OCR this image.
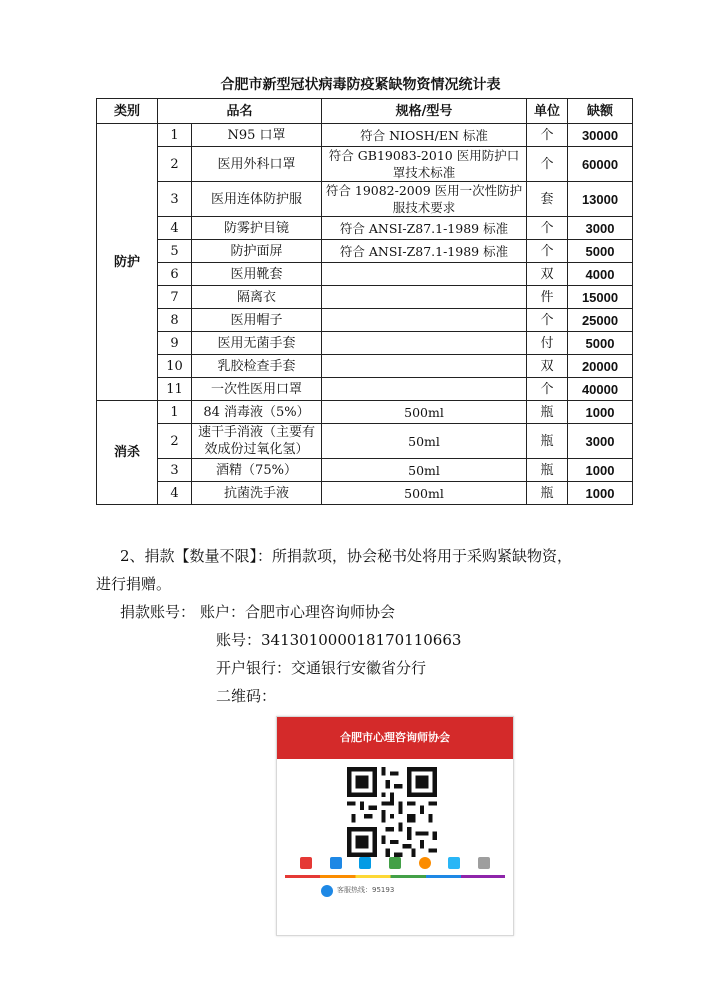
合肥市新型冠状病毒防疫紧缺物资情况统计表
类别	品名		规格/型号	单位	缺额
防护	1	N95 口罩	符合 NIOSH/EN 标准	个	30000
	2	医用外科口罩	符合 GB19083-2010 医用防护口罩技术标准	个	60000
	3	医用连体防护服	符合 19082-2009 医用一次性防护服技术要求	套	13000
	4	防雾护目镜	符合 ANSI-Z87.1-1989 标准	个	3000
	5	防护面屏	符合 ANSI-Z87.1-1989 标准	个	5000
	6	医用靴套		双	4000
	7	隔离衣		件	15000
	8	医用帽子		个	25000
	9	医用无菌手套		付	5000
	10	乳胶检查手套		双	20000
	11	一次性医用口罩		个	40000
消杀	1	84 消毒液（5%）	500ml	瓶	1000
	2	速干手消液（主要有效成份过氧化氢）	50ml	瓶	3000
	3	酒精（75%）	50ml	瓶	1000
	4	抗菌洗手液	500ml	瓶	1000
2、捐款【数量不限】：所捐款项，协会秘书处将用于采购紧缺物资，
进行捐赠。
捐款账号： 账户：合肥市心理咨询师协会
账号：341301000018170110663
开户银行：交通银行安徽省分行
二维码：
合肥市心理咨询师协会
客服热线：95193
